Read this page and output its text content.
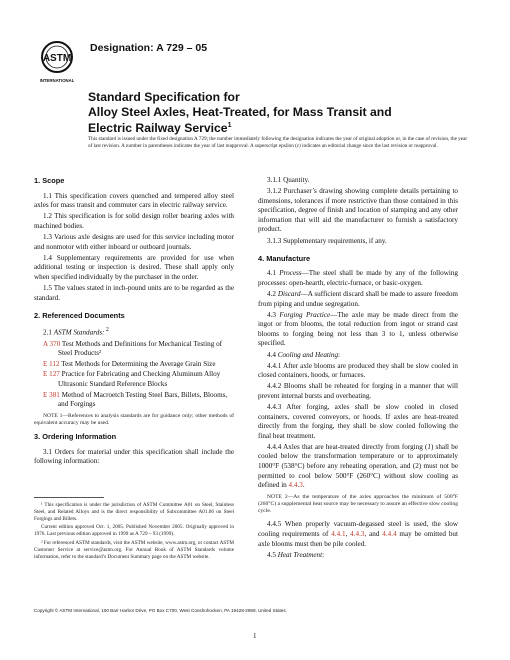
ASTM
INTERNATIONAL
Designation: A 729 – 05
Standard Specification for
Alloy Steel Axles, Heat-Treated, for Mass Transit and
Electric Railway Service$^1$
This standard is issued under the fixed designation A 729; the number immediately following the designation indicates the year of original adoption or, in the case of revision, the year of last revision. A number in parentheses indicates the year of last reapproval. A superscript epsilon (ε) indicates an editorial change since the last revision or reapproval.
1. Scope

1.1 This specification covers quenched and tempered alloy steel axles for mass transit and commuter cars in electric railway service.

1.2 This specification is for solid design roller bearing axles with machined bodies.

1.3 Various axle designs are used for this service including motor and nonmotor with either inboard or outboard journals.

1.4 Supplementary requirements are provided for use when additional testing or inspection is desired. These shall apply only when specified individually by the purchaser in the order.

1.5 The values stated in inch-pound units are to be regarded as the standard.

2. Referenced Documents

2.1 ASTM Standards: $^2$

A 370 Test Methods and Definitions for Mechanical Testing of Steel Products²
E 112 Test Methods for Determining the Average Grain Size
E 127 Practice for Fabricating and Checking Aluminum Alloy Ultrasonic Standard Reference Blocks
E 381 Method of Macroetch Testing Steel Bars, Billets, Blooms, and Forgings

NOTE 1—References to analysis standards are for guidance only; other methods of equivalent accuracy may be used.

3. Ordering Information

3.1 Orders for material under this specification shall include the following information:

¹ This specification is under the jurisdiction of ASTM Committee A01 on Steel, Stainless Steel, and Related Alloys and is the direct responsibility of Subcommittee A01.06 on Steel Forgings and Billets.

Current edition approved Oct. 1, 2005. Published November 2005. Originally approved in 1976. Last previous edition approved in 1999 as A 729 – 93 (1999).

² For referenced ASTM standards, visit the ASTM website, www.astm.org, or contact ASTM Customer Service at service@astm.org. For Annual Book of ASTM Standards volume information, refer to the standard’s Document Summary page on the ASTM website.

3.1.1 Quantity.

3.1.2 Purchaser’s drawing showing complete details pertaining to dimensions, tolerances if more restrictive than those contained in this specification, degree of finish and location of stamping and any other information that will aid the manufacturer to furnish a satisfactory product.

3.1.3 Supplementary requirements, if any.

4. Manufacture

4.1 Process—The steel shall be made by any of the following processes: open-hearth, electric-furnace, or basic-oxygen.

4.2 Discard—A sufficient discard shall be made to assure freedom from piping and undue segregation.

4.3 Forging Practice—The axle may be made direct from the ingot or from blooms, the total reduction from ingot or strand cast blooms to forging being not less than 3 to 1, unless otherwise specified.

4.4 Cooling and Heating:

4.4.1 After axle blooms are produced they shall be slow cooled in closed containers, hoods, or furnaces.

4.4.2 Blooms shall be reheated for forging in a manner that will prevent internal bursts and overheating.

4.4.3 After forging, axles shall be slow cooled in closed containers, covered conveyors, or hoods. If axles are heat-treated directly from the forging, they shall be slow cooled following the final heat treatment.

4.4.4 Axles that are heat-treated directly from forging (1) shall be cooled below the transformation temperature or to approximately 1000°F (538°C) before any reheating operation, and (2) must not be permitted to cool below 500°F (260°C) without slow cooling as defined in 4.4.3.

NOTE 2—As the temperature of the axles approaches the minimum of 500°F (260°C) a supplemental heat source may be necessary to assure an effective slow cooling cycle.

4.4.5 When properly vacuum-degassed steel is used, the slow cooling requirements of 4.4.1, 4.4.3, and 4.4.4 may be omitted but axle blooms must then be pile cooled.

4.5 Heat Treatment:

Copyright © ASTM International, 100 Barr Harbor Drive, PO Box C700, West Conshohocken, PA 19428-2959, United States.
1
